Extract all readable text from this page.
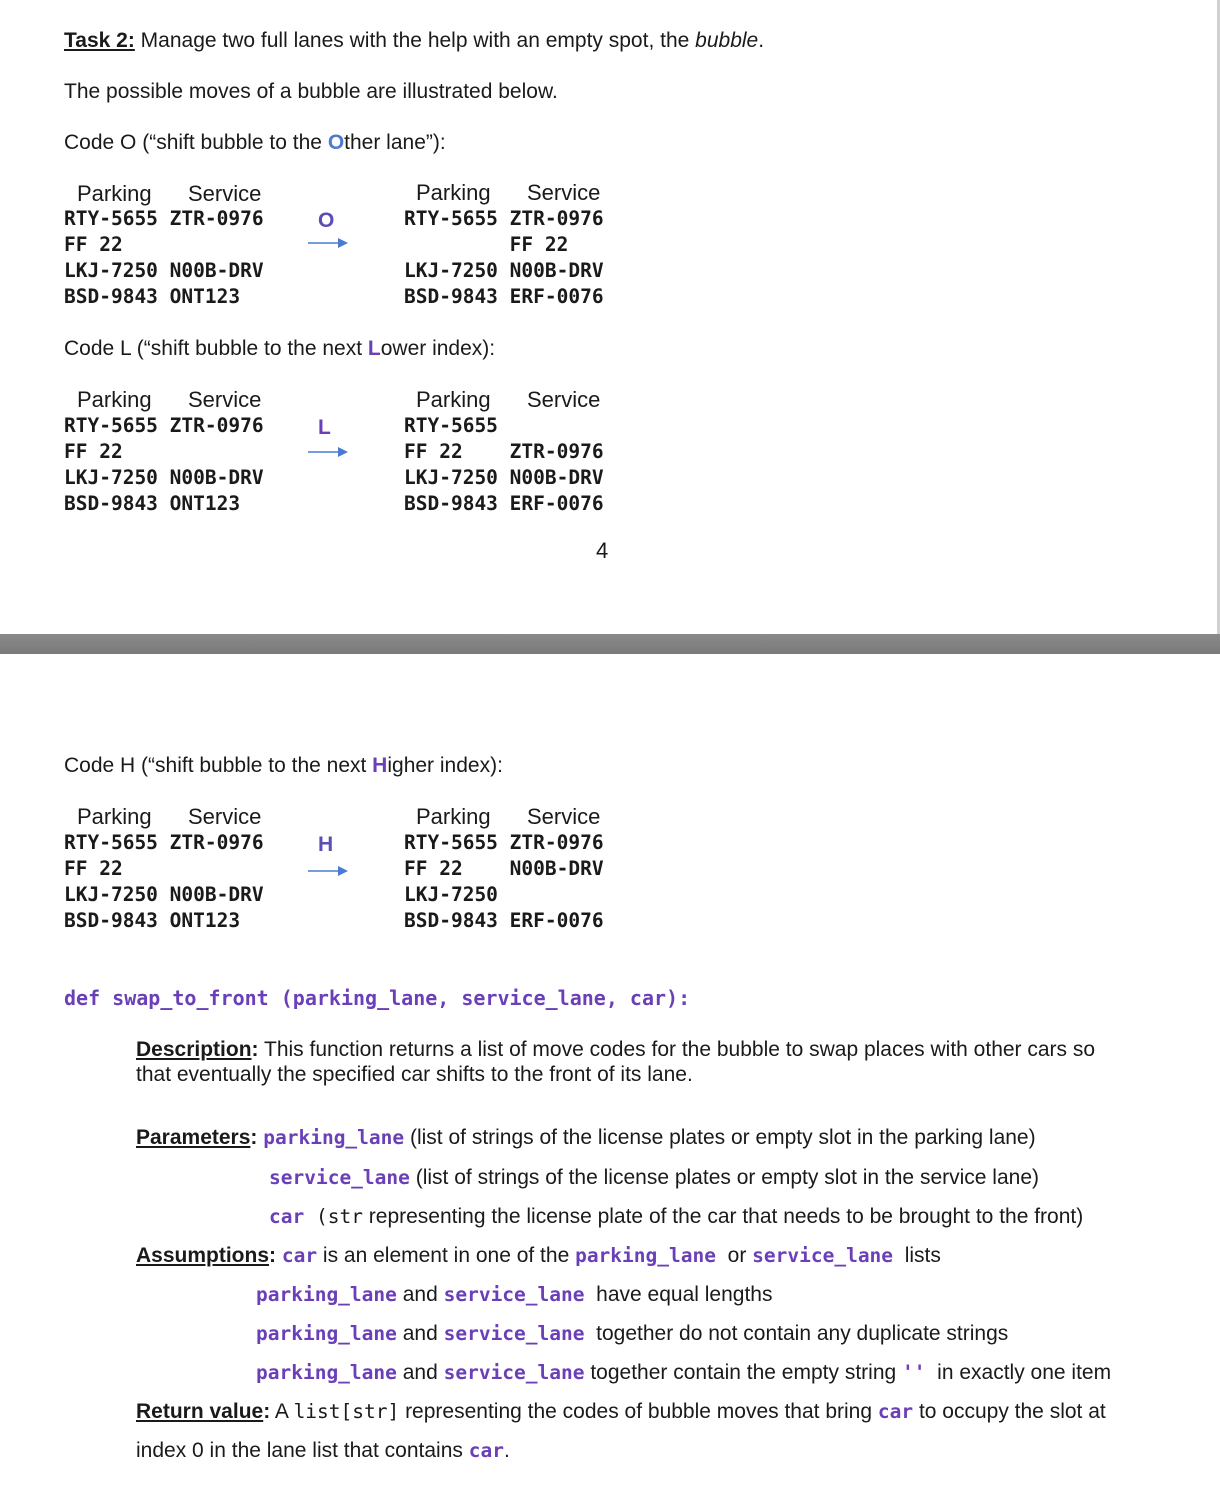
Task 2: Manage two full lanes with the help with an empty spot, the bubble.
The possible moves of a bubble are illustrated below.
Code O (“shift bubble to the Other lane”):
Parking Service
RTY-5655 ZTR-0976
FF 22
LKJ-7250 N00B-DRV
BSD-9843 ONT123
O
Parking Service
RTY-5655 ZTR-0976
FF 22
LKJ-7250 N00B-DRV
BSD-9843 ERF-0076
Code L (“shift bubble to the next Lower index):
Parking Service
RTY-5655 ZTR-0976
FF 22
LKJ-7250 N00B-DRV
BSD-9843 ONT123
L
Parking Service
RTY-5655
FF 22    ZTR-0976
LKJ-7250 N00B-DRV
BSD-9843 ERF-0076
4
Code H (“shift bubble to the next Higher index):
Parking Service
RTY-5655 ZTR-0976
FF 22
LKJ-7250 N00B-DRV
BSD-9843 ONT123
H
Parking Service
RTY-5655 ZTR-0976
FF 22    N00B-DRV
LKJ-7250
BSD-9843 ERF-0076
def swap_to_front (parking_lane, service_lane, car):
Description: This function returns a list of move codes for the bubble to swap places with other cars so
that eventually the specified car shifts to the front of its lane.
Parameters: parking_lane (list of strings of the license plates or empty slot in the parking lane)
service_lane (list of strings of the license plates or empty slot in the service lane)
car (str representing the license plate of the car that needs to be brought to the front)
Assumptions: car is an element in one of the parking_lane  or service_lane  lists
parking_lane and service_lane  have equal lengths
parking_lane and service_lane  together do not contain any duplicate strings
parking_lane and service_lane together contain the empty string ''  in exactly one item
Return value: A list[str] representing the codes of bubble moves that bring car to occupy the slot at
index 0 in the lane list that contains car.
